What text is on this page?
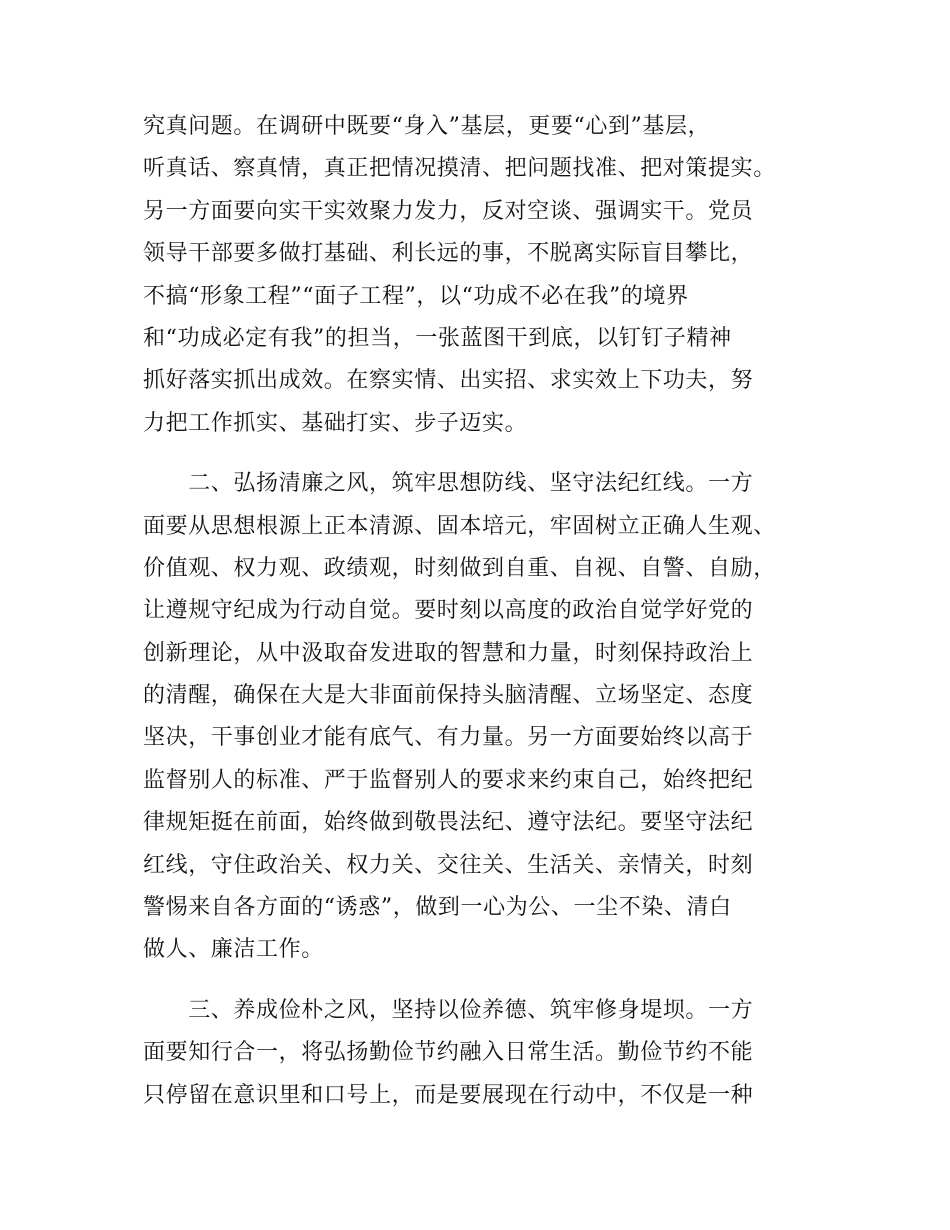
究真问题。在调研中既要“身入”基层，更要“心到”基层，
听真话、察真情，真正把情况摸清、把问题找准、把对策提实。
另一方面要向实干实效聚力发力，反对空谈、强调实干。党员
领导干部要多做打基础、利长远的事，不脱离实际盲目攀比，
不搞“形象工程”“面子工程”，以“功成不必在我”的境界
和“功成必定有我”的担当，一张蓝图干到底，以钉钉子精神
抓好落实抓出成效。在察实情、出实招、求实效上下功夫，努
力把工作抓实、基础打实、步子迈实。
　　二、弘扬清廉之风，筑牢思想防线、坚守法纪红线。一方
面要从思想根源上正本清源、固本培元，牢固树立正确人生观、
价值观、权力观、政绩观，时刻做到自重、自视、自警、自励，
让遵规守纪成为行动自觉。要时刻以高度的政治自觉学好党的
创新理论，从中汲取奋发进取的智慧和力量，时刻保持政治上
的清醒，确保在大是大非面前保持头脑清醒、立场坚定、态度
坚决，干事创业才能有底气、有力量。另一方面要始终以高于
监督别人的标准、严于监督别人的要求来约束自己，始终把纪
律规矩挺在前面，始终做到敬畏法纪、遵守法纪。要坚守法纪
红线，守住政治关、权力关、交往关、生活关、亲情关，时刻
警惕来自各方面的“诱惑”，做到一心为公、一尘不染、清白
做人、廉洁工作。
　　三、养成俭朴之风，坚持以俭养德、筑牢修身堤坝。一方
面要知行合一，将弘扬勤俭节约融入日常生活。勤俭节约不能
只停留在意识里和口号上，而是要展现在行动中，不仅是一种
